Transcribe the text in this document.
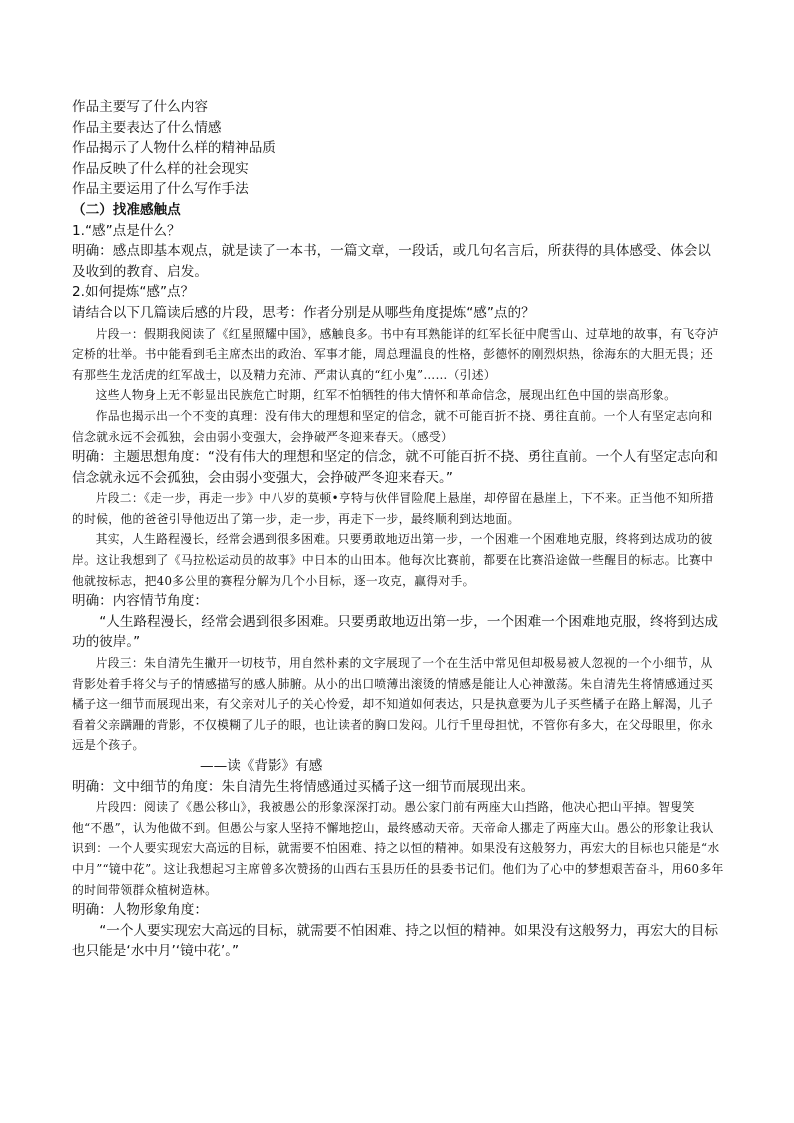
作品主要写了什么内容

作品主要表达了什么情感

作品揭示了人物什么样的精神品质

作品反映了什么样的社会现实

作品主要运用了什么写作手法

（二）找准感触点

1.“感”点是什么？

明确：感点即基本观点，就是读了一本书，一篇文章，一段话，或几句名言后，所获得的具体感受、体会以及收到的教育、启发。

2.如何提炼“感”点？

请结合以下几篇读后感的片段，思考：作者分别是从哪些角度提炼“感”点的？

片段一：假期我阅读了《红星照耀中国》，感触良多。书中有耳熟能详的红军长征中爬雪山、过草地的故事，有飞夺泸定桥的壮举。书中能看到毛主席杰出的政治、军事才能，周总理温良的性格，彭德怀的刚烈炽热，徐海东的大胆无畏；还有那些生龙活虎的红军战士，以及精力充沛、严肃认真的“红小鬼”……（引述）

这些人物身上无不彰显出民族危亡时期，红军不怕牺牲的伟大情怀和革命信念，展现出红色中国的崇高形象。

作品也揭示出一个不变的真理：没有伟大的理想和坚定的信念，就不可能百折不挠、勇往直前。一个人有坚定志向和信念就永远不会孤独，会由弱小变强大，会挣破严冬迎来春天。（感受）

明确：主题思想角度：“没有伟大的理想和坚定的信念，就不可能百折不挠、勇往直前。一个人有坚定志向和信念就永远不会孤独，会由弱小变强大，会挣破严冬迎来春天。”

片段二：《走一步，再走一步》中八岁的莫顿•亨特与伙伴冒险爬上悬崖，却停留在悬崖上，下不来。正当他不知所措的时候，他的爸爸引导他迈出了第一步，走一步，再走下一步，最终顺利到达地面。

其实，人生路程漫长，经常会遇到很多困难。只要勇敢地迈出第一步，一个困难一个困难地克服，终将到达成功的彼岸。这让我想到了《马拉松运动员的故事》中日本的山田本。他每次比赛前，都要在比赛沿途做一些醒目的标志。比赛中他就按标志，把40多公里的赛程分解为几个小目标，逐一攻克，赢得对手。

明确：内容情节角度：

“人生路程漫长，经常会遇到很多困难。只要勇敢地迈出第一步，一个困难一个困难地克服，终将到达成功的彼岸。”

片段三：朱自清先生撇开一切枝节，用自然朴素的文字展现了一个在生活中常见但却极易被人忽视的一个小细节，从背影处着手将父与子的情感描写的感人肺腑。从小的出口喷薄出滚烫的情感是能让人心神激荡。朱自清先生将情感通过买橘子这一细节而展现出来，有父亲对儿子的关心怜爱，却不知道如何表达，只是执意要为儿子买些橘子在路上解渴，儿子看着父亲蹒跚的背影，不仅模糊了儿子的眼，也让读者的胸口发闷。儿行千里母担忧，不管你有多大，在父母眼里，你永远是个孩子。

——读《背影》有感

明确：文中细节的角度：朱自清先生将情感通过买橘子这一细节而展现出来。

片段四：阅读了《愚公移山》，我被愚公的形象深深打动。愚公家门前有两座大山挡路，他决心把山平掉。智叟笑他“不愚”，认为他做不到。但愚公与家人坚持不懈地挖山，最终感动天帝。天帝命人挪走了两座大山。愚公的形象让我认识到：一个人要实现宏大高远的目标，就需要不怕困难、持之以恒的精神。如果没有这般努力，再宏大的目标也只能是“水中月”“镜中花”。这让我想起习主席曾多次赞扬的山西右玉县历任的县委书记们。他们为了心中的梦想艰苦奋斗，用60多年的时间带领群众植树造林。

明确：人物形象角度：

“一个人要实现宏大高远的目标，就需要不怕困难、持之以恒的精神。如果没有这般努力，再宏大的目标也只能是‘水中月’‘镜中花’。”
